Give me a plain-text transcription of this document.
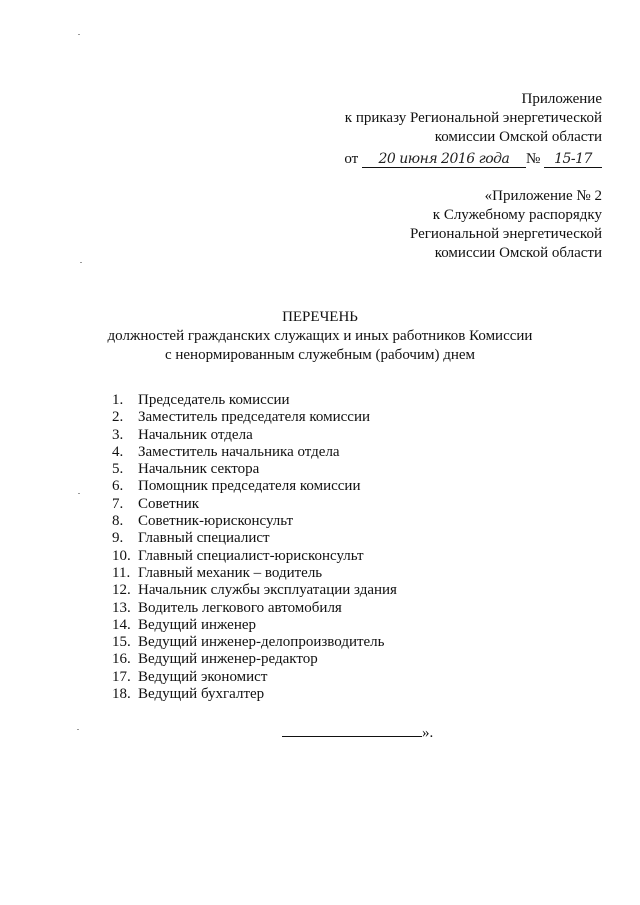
Приложение
к приказу Региональной энергетической
комиссии Омской области
от 20 июня 2016 года № 15-17
«Приложение № 2
к Служебному распорядку
Региональной энергетической
комиссии Омской области
ПЕРЕЧЕНЬ
должностей гражданских служащих и иных работников Комиссии
с ненормированным служебным (рабочим) днем
1. Председатель комиссии
2. Заместитель председателя комиссии
3. Начальник отдела
4. Заместитель начальника отдела
5. Начальник сектора
6. Помощник председателя комиссии
7. Советник
8. Советник-юрисконсульт
9. Главный специалист
10. Главный специалист-юрисконсульт
11. Главный механик – водитель
12. Начальник службы эксплуатации здания
13. Водитель легкового автомобиля
14. Ведущий инженер
15. Ведущий инженер-делопроизводитель
16. Ведущий инженер-редактор
17. Ведущий экономист
18. Ведущий бухгалтер
».
